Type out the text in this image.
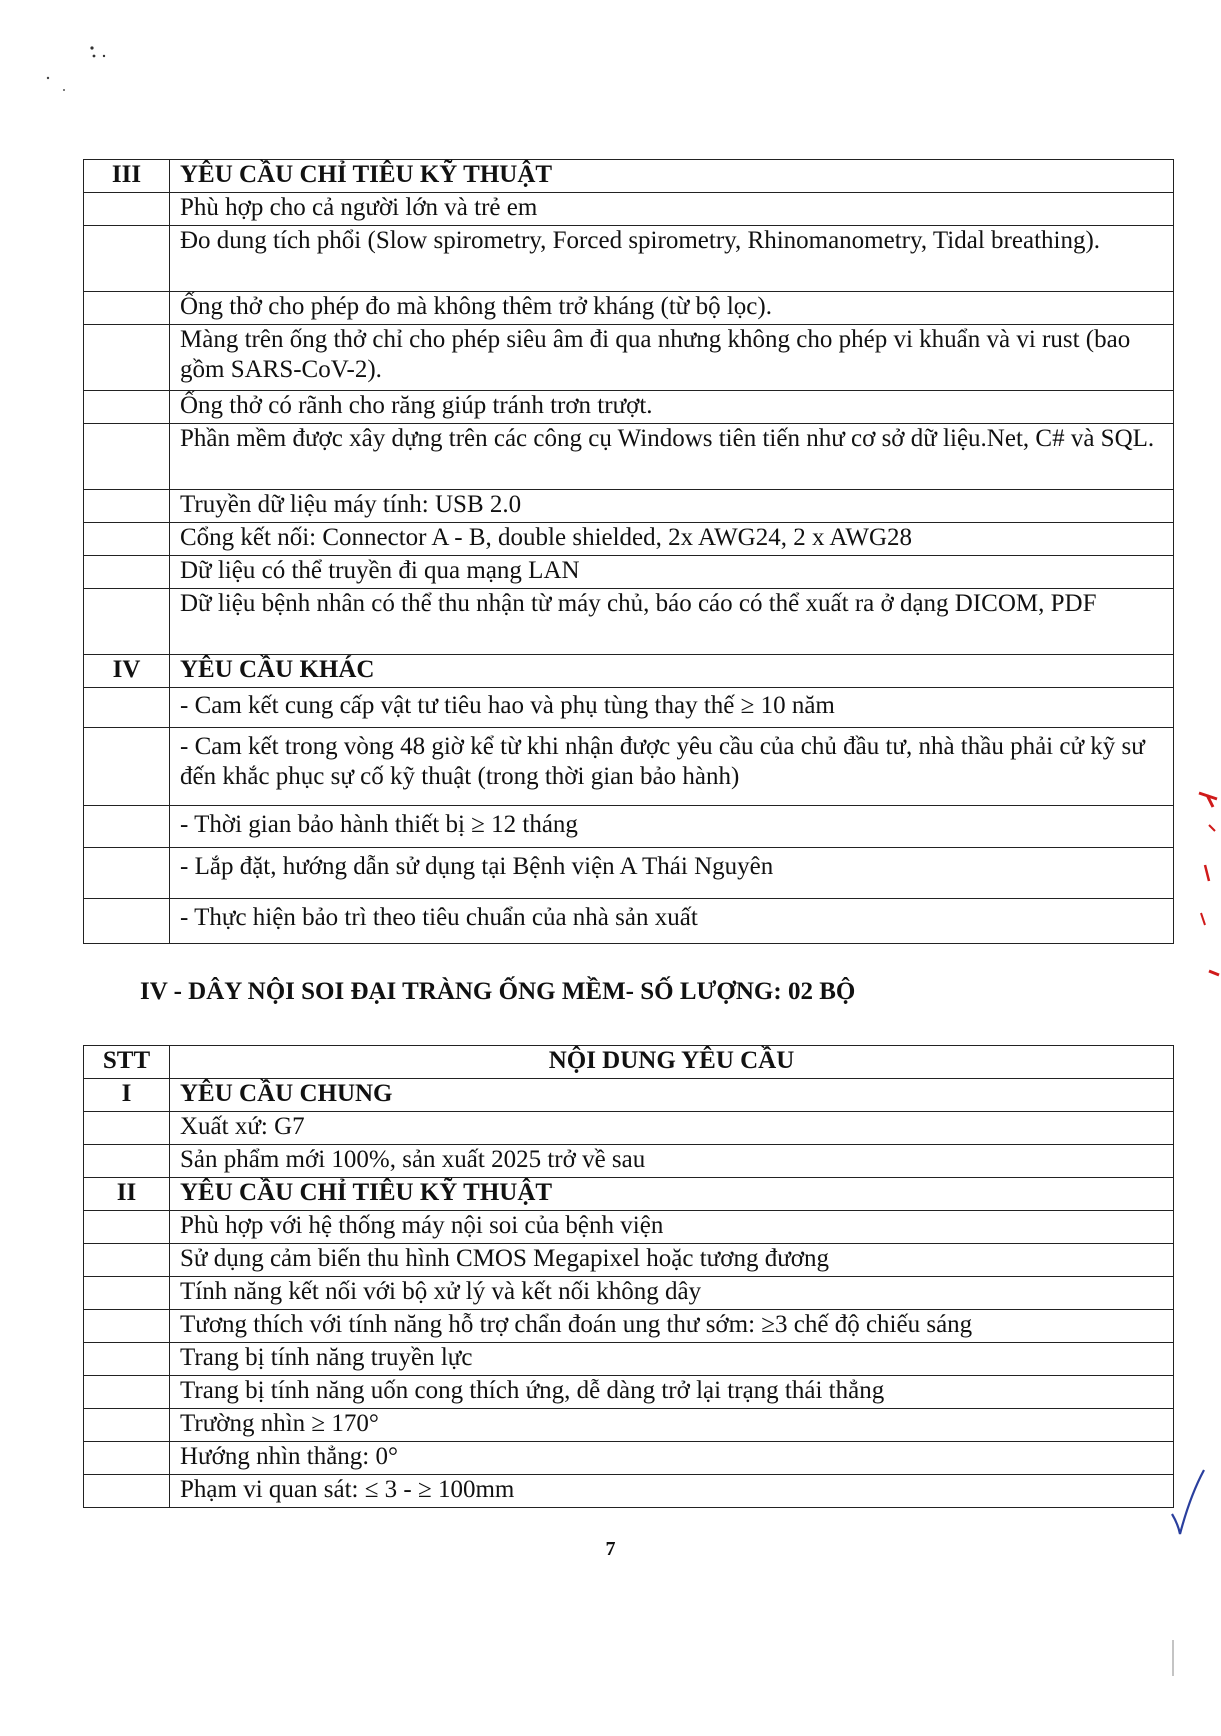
III	YÊU CẦU CHỈ TIÊU KỸ THUẬT
	Phù hợp cho cả người lớn và trẻ em
	Đo dung tích phổi (Slow spirometry, Forced spirometry, Rhinomanometry, Tidal breathing).
	Ống thở cho phép đo mà không thêm trở kháng (từ bộ lọc).
	Màng trên ống thở chỉ cho phép siêu âm đi qua nhưng không cho phép vi khuẩn và vi rust (bao gồm SARS-CoV-2).
	Ống thở có rãnh cho răng giúp tránh trơn trượt.
	Phần mềm được xây dựng trên các công cụ Windows tiên tiến như cơ sở dữ liệu.Net, C# và SQL.
	Truyền dữ liệu máy tính: USB 2.0
	Cổng kết nối: Connector A - B, double shielded, 2x AWG24, 2 x AWG28
	Dữ liệu có thể truyền đi qua mạng LAN
	Dữ liệu bệnh nhân có thể thu nhận từ máy chủ, báo cáo có thể xuất ra ở dạng DICOM, PDF
IV	YÊU CẦU KHÁC
	- Cam kết cung cấp vật tư tiêu hao và phụ tùng thay thế ≥ 10 năm
	- Cam kết trong vòng 48 giờ kể từ khi nhận được yêu cầu của chủ đầu tư, nhà thầu phải cử kỹ sư đến khắc phục sự cố kỹ thuật (trong thời gian bảo hành)
	- Thời gian bảo hành thiết bị ≥ 12 tháng
	- Lắp đặt, hướng dẫn sử dụng tại Bệnh viện A Thái Nguyên
	- Thực hiện bảo trì theo tiêu chuẩn của nhà sản xuất
IV - DÂY NỘI SOI ĐẠI TRÀNG ỐNG MỀM- SỐ LƯỢNG: 02 BỘ
STT	NỘI DUNG YÊU CẦU
I	YÊU CẦU CHUNG
	Xuất xứ: G7
	Sản phẩm mới 100%, sản xuất 2025 trở về sau
II	YÊU CẦU CHỈ TIÊU KỸ THUẬT
	Phù hợp với hệ thống máy nội soi của bệnh viện
	Sử dụng cảm biến thu hình CMOS Megapixel hoặc tương đương
	Tính năng kết nối với bộ xử lý và kết nối không dây
	Tương thích với tính năng hỗ trợ chẩn đoán ung thư sớm: ≥3 chế độ chiếu sáng
	Trang bị tính năng truyền lực
	Trang bị tính năng uốn cong thích ứng, dễ dàng trở lại trạng thái thẳng
	Trường nhìn ≥ 170°
	Hướng nhìn thẳng: 0°
	Phạm vi quan sát: ≤ 3 - ≥ 100mm
7
